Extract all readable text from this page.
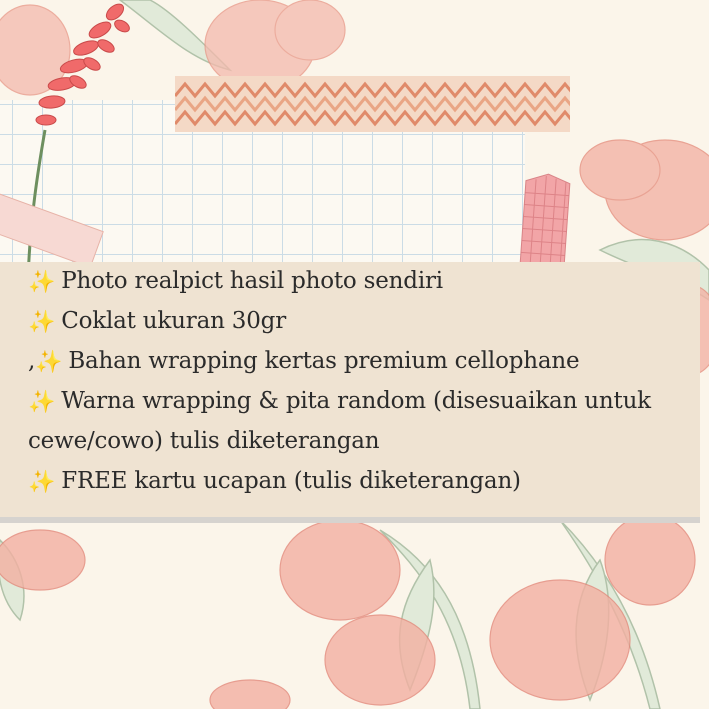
✨ Photo realpict hasil photo sendiri
✨ Coklat ukuran 30gr
,✨ Bahan wrapping kertas premium cellophane
✨ Warna wrapping & pita random (disesuaikan untuk
cewe/cowo) tulis diketerangan
✨ FREE kartu ucapan (tulis diketerangan)
